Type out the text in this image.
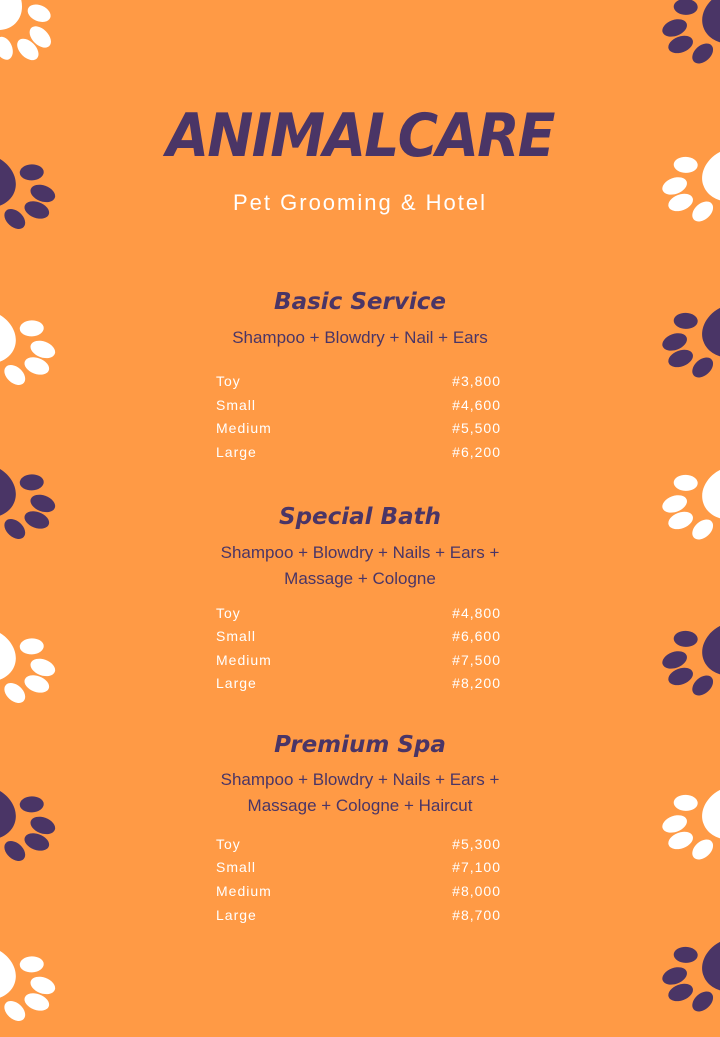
ANIMALCARE
Pet Grooming & Hotel
Basic Service
Shampoo + Blowdry + Nail + Ears
Toy	#3,800
Small	#4,600
Medium	#5,500
Large	#6,200
Special Bath
Shampoo + Blowdry + Nails + Ears + Massage + Cologne
Toy	#4,800
Small	#6,600
Medium	#7,500
Large	#8,200
Premium Spa
Shampoo + Blowdry + Nails + Ears + Massage + Cologne + Haircut
Toy	#5,300
Small	#7,100
Medium	#8,000
Large	#8,700
